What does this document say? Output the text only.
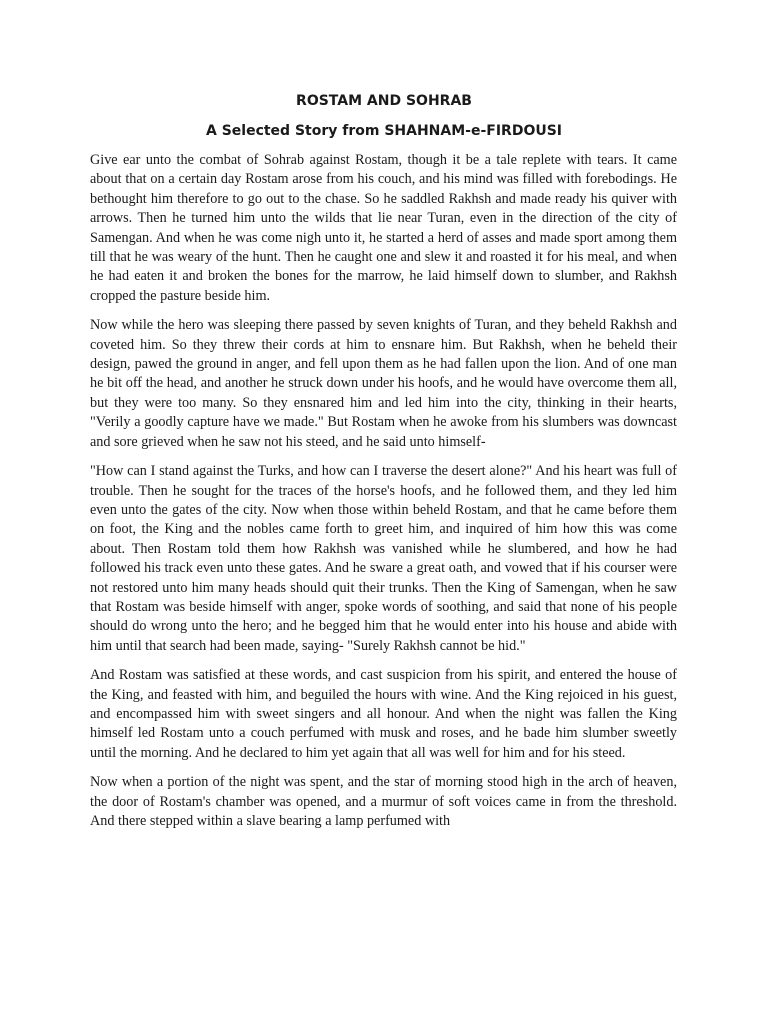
ROSTAM AND SOHRAB
A Selected Story from SHAHNAM-e-FIRDOUSI

Give ear unto the combat of Sohrab against Rostam, though it be a tale replete with tears. It came about that on a certain day Rostam arose from his couch, and his mind was filled with forebodings. He bethought him therefore to go out to the chase. So he saddled Rakhsh and made ready his quiver with arrows. Then he turned him unto the wilds that lie near Turan, even in the direction of the city of Samengan. And when he was come nigh unto it, he started a herd of asses and made sport among them till that he was weary of the hunt. Then he caught one and slew it and roasted it for his meal, and when he had eaten it and broken the bones for the marrow, he laid himself down to slumber, and Rakhsh cropped the pasture beside him.

Now while the hero was sleeping there passed by seven knights of Turan, and they beheld Rakhsh and coveted him. So they threw their cords at him to ensnare him. But Rakhsh, when he beheld their design, pawed the ground in anger, and fell upon them as he had fallen upon the lion. And of one man he bit off the head, and another he struck down under his hoofs, and he would have overcome them all, but they were too many. So they ensnared him and led him into the city, thinking in their hearts, "Verily a goodly capture have we made." But Rostam when he awoke from his slumbers was downcast and sore grieved when he saw not his steed, and he said unto himself-

"How can I stand against the Turks, and how can I traverse the desert alone?" And his heart was full of trouble. Then he sought for the traces of the horse's hoofs, and he followed them, and they led him even unto the gates of the city. Now when those within beheld Rostam, and that he came before them on foot, the King and the nobles came forth to greet him, and inquired of him how this was come about. Then Rostam told them how Rakhsh was vanished while he slumbered, and how he had followed his track even unto these gates. And he sware a great oath, and vowed that if his courser were not restored unto him many heads should quit their trunks. Then the King of Samengan, when he saw that Rostam was beside himself with anger, spoke words of soothing, and said that none of his people should do wrong unto the hero; and he begged him that he would enter into his house and abide with him until that search had been made, saying- "Surely Rakhsh cannot be hid."

And Rostam was satisfied at these words, and cast suspicion from his spirit, and entered the house of the King, and feasted with him, and beguiled the hours with wine. And the King rejoiced in his guest, and encompassed him with sweet singers and all honour. And when the night was fallen the King himself led Rostam unto a couch perfumed with musk and roses, and he bade him slumber sweetly until the morning. And he declared to him yet again that all was well for him and for his steed.

Now when a portion of the night was spent, and the star of morning stood high in the arch of heaven, the door of Rostam's chamber was opened, and a murmur of soft voices came in from the threshold. And there stepped within a slave bearing a lamp perfumed with
